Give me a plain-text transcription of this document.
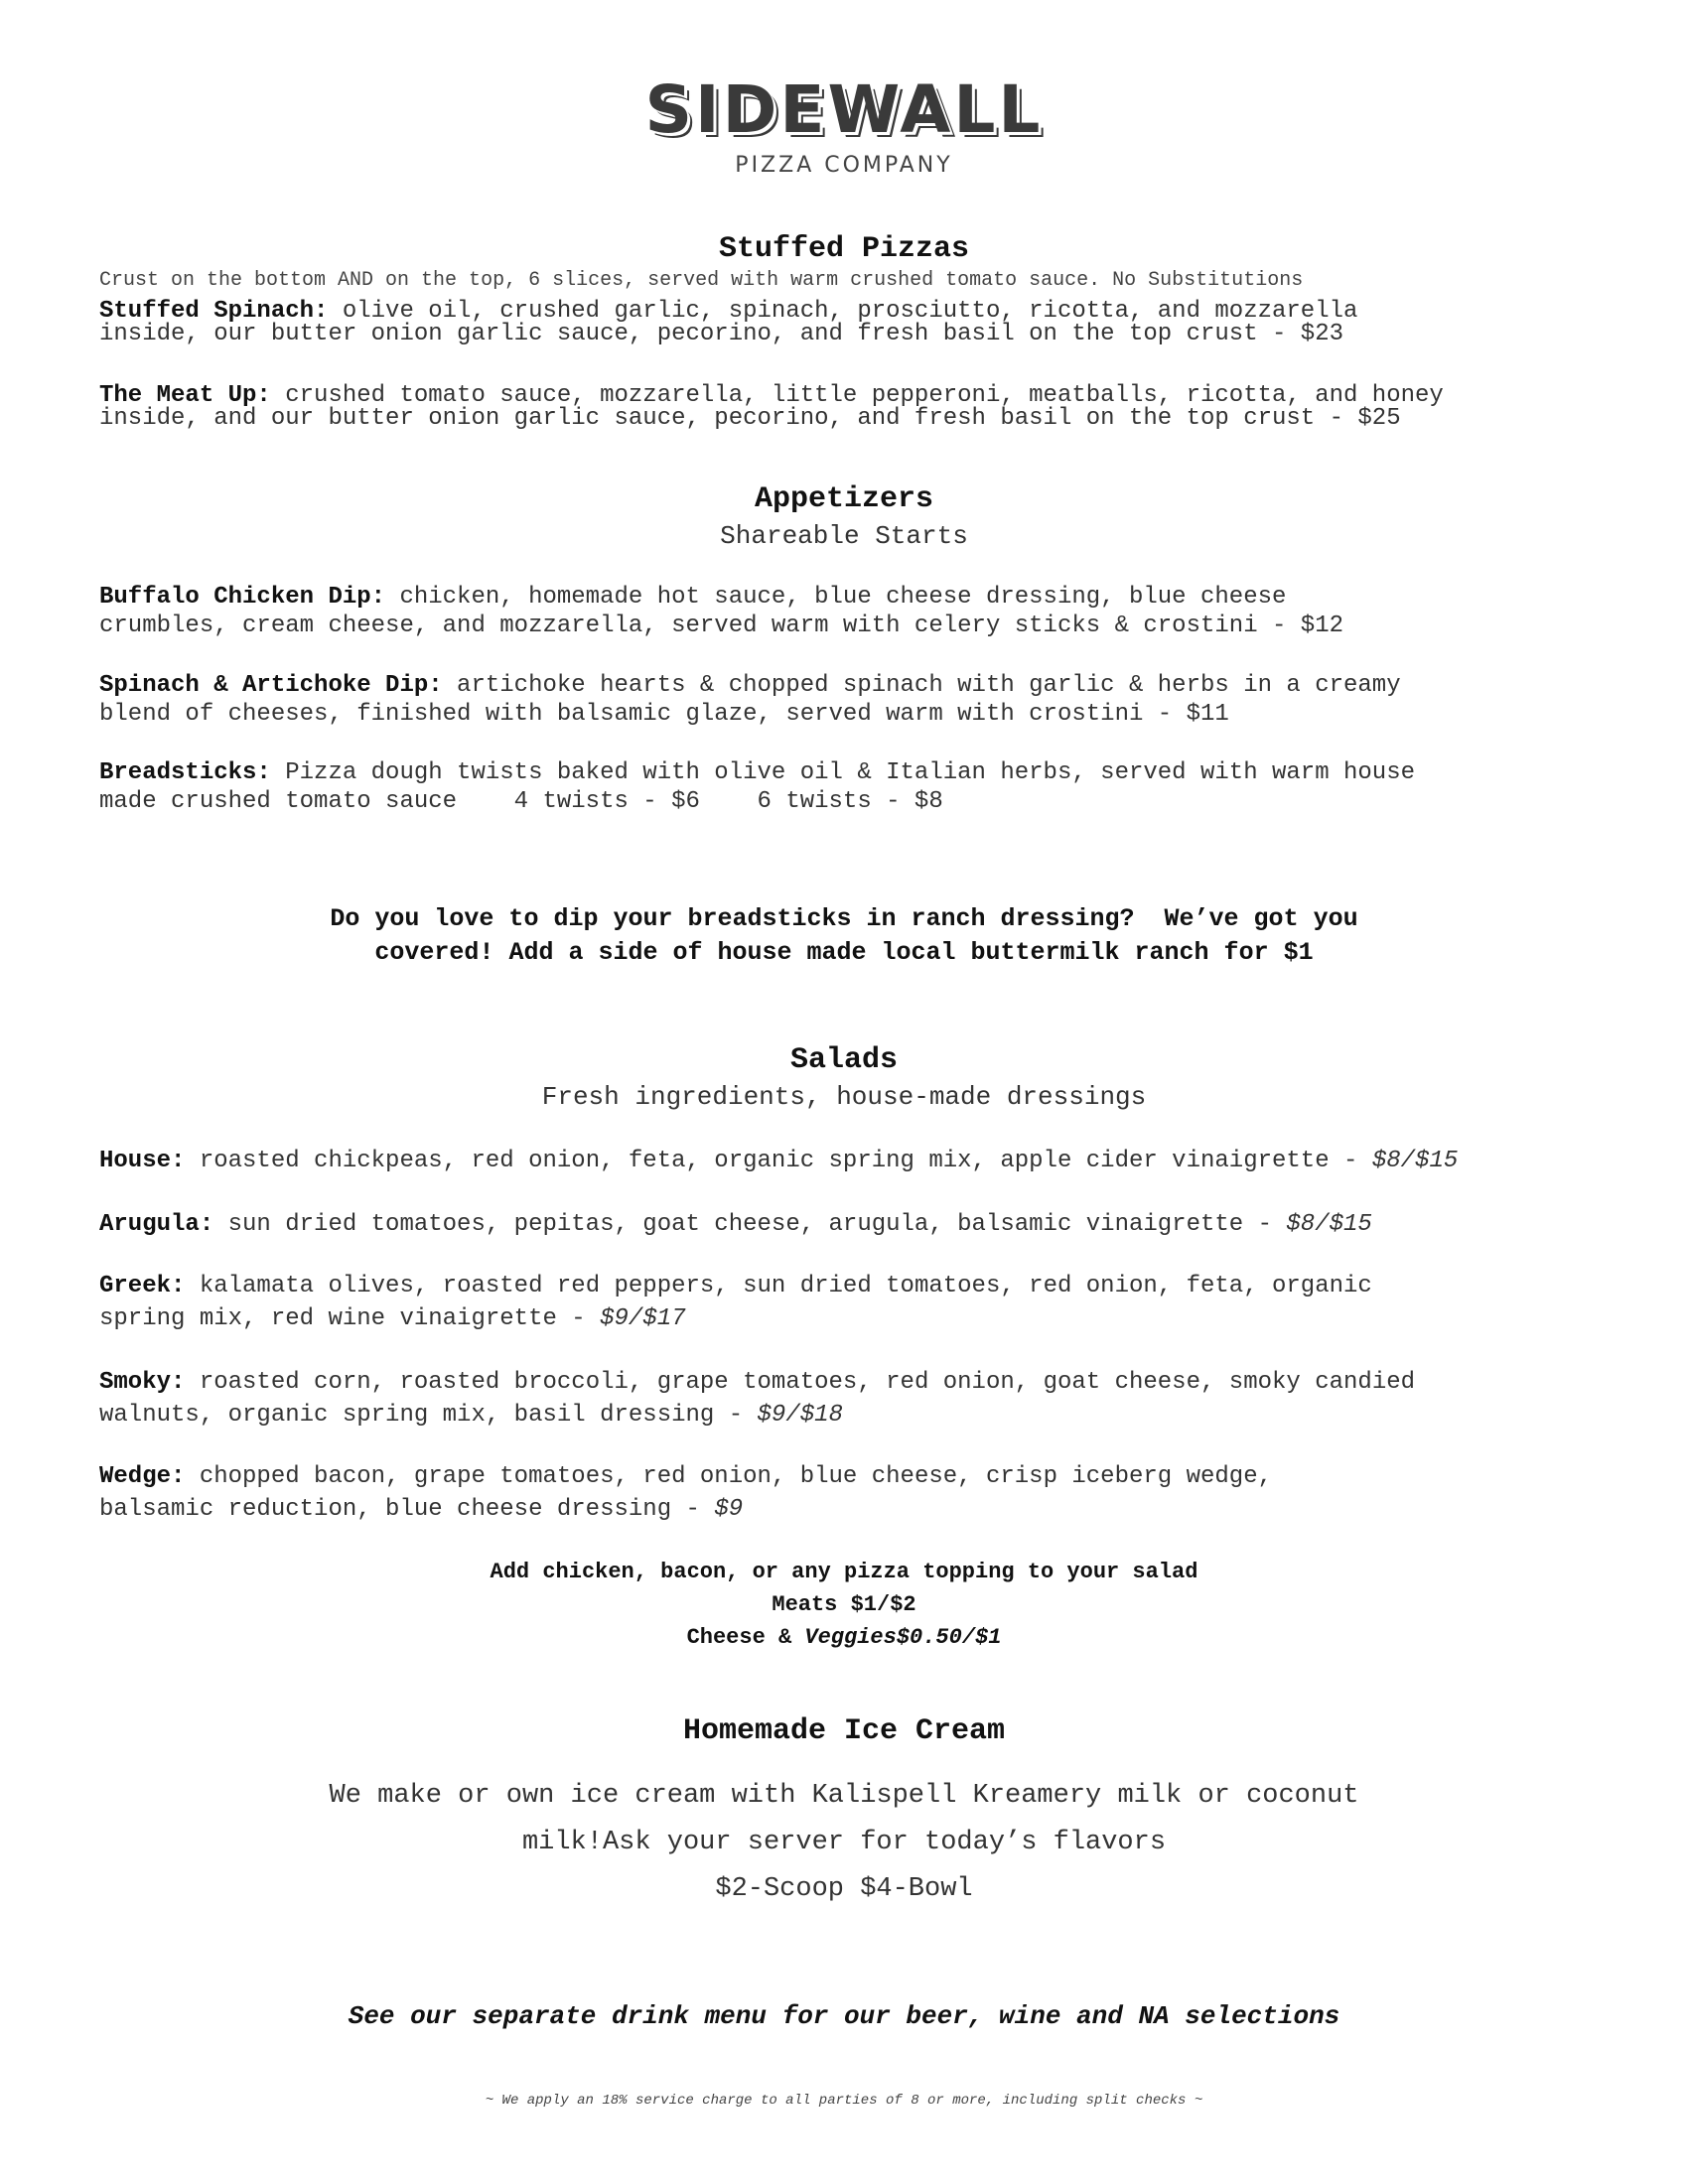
SIDEWALL
PIZZA COMPANY
Stuffed Pizzas
Crust on the bottom AND on the top, 6 slices, served with warm crushed tomato sauce. No Substitutions
Stuffed Spinach: olive oil, crushed garlic, spinach, prosciutto, ricotta, and mozzarella
inside, our butter onion garlic sauce, pecorino, and fresh basil on the top crust - $23
The Meat Up: crushed tomato sauce, mozzarella, little pepperoni, meatballs, ricotta, and honey
inside, and our butter onion garlic sauce, pecorino, and fresh basil on the top crust - $25
Appetizers
Shareable Starts
Buffalo Chicken Dip: chicken, homemade hot sauce, blue cheese dressing, blue cheese
crumbles, cream cheese, and mozzarella, served warm with celery sticks & crostini - $12
Spinach & Artichoke Dip: artichoke hearts & chopped spinach with garlic & herbs in a creamy
blend of cheeses, finished with balsamic glaze, served warm with crostini - $11
Breadsticks: Pizza dough twists baked with olive oil & Italian herbs, served with warm house
made crushed tomato sauce    4 twists - $6    6 twists - $8
Do you love to dip your breadsticks in ranch dressing?  We’ve got you
covered! Add a side of house made local buttermilk ranch for $1
Salads
Fresh ingredients, house-made dressings
House: roasted chickpeas, red onion, feta, organic spring mix, apple cider vinaigrette - $8/$15
Arugula: sun dried tomatoes, pepitas, goat cheese, arugula, balsamic vinaigrette - $8/$15
Greek: kalamata olives, roasted red peppers, sun dried tomatoes, red onion, feta, organic
spring mix, red wine vinaigrette - $9/$17
Smoky: roasted corn, roasted broccoli, grape tomatoes, red onion, goat cheese, smoky candied
walnuts, organic spring mix, basil dressing - $9/$18
Wedge: chopped bacon, grape tomatoes, red onion, blue cheese, crisp iceberg wedge,
balsamic reduction, blue cheese dressing - $9
Add chicken, bacon, or any pizza topping to your salad
Meats $1/$2
Cheese & Veggies$0.50/$1
Homemade Ice Cream
We make or own ice cream with Kalispell Kreamery milk or coconut
milk!Ask your server for today’s flavors
$2-Scoop $4-Bowl
See our separate drink menu for our beer, wine and NA selections
~ We apply an 18% service charge to all parties of 8 or more, including split checks ~
